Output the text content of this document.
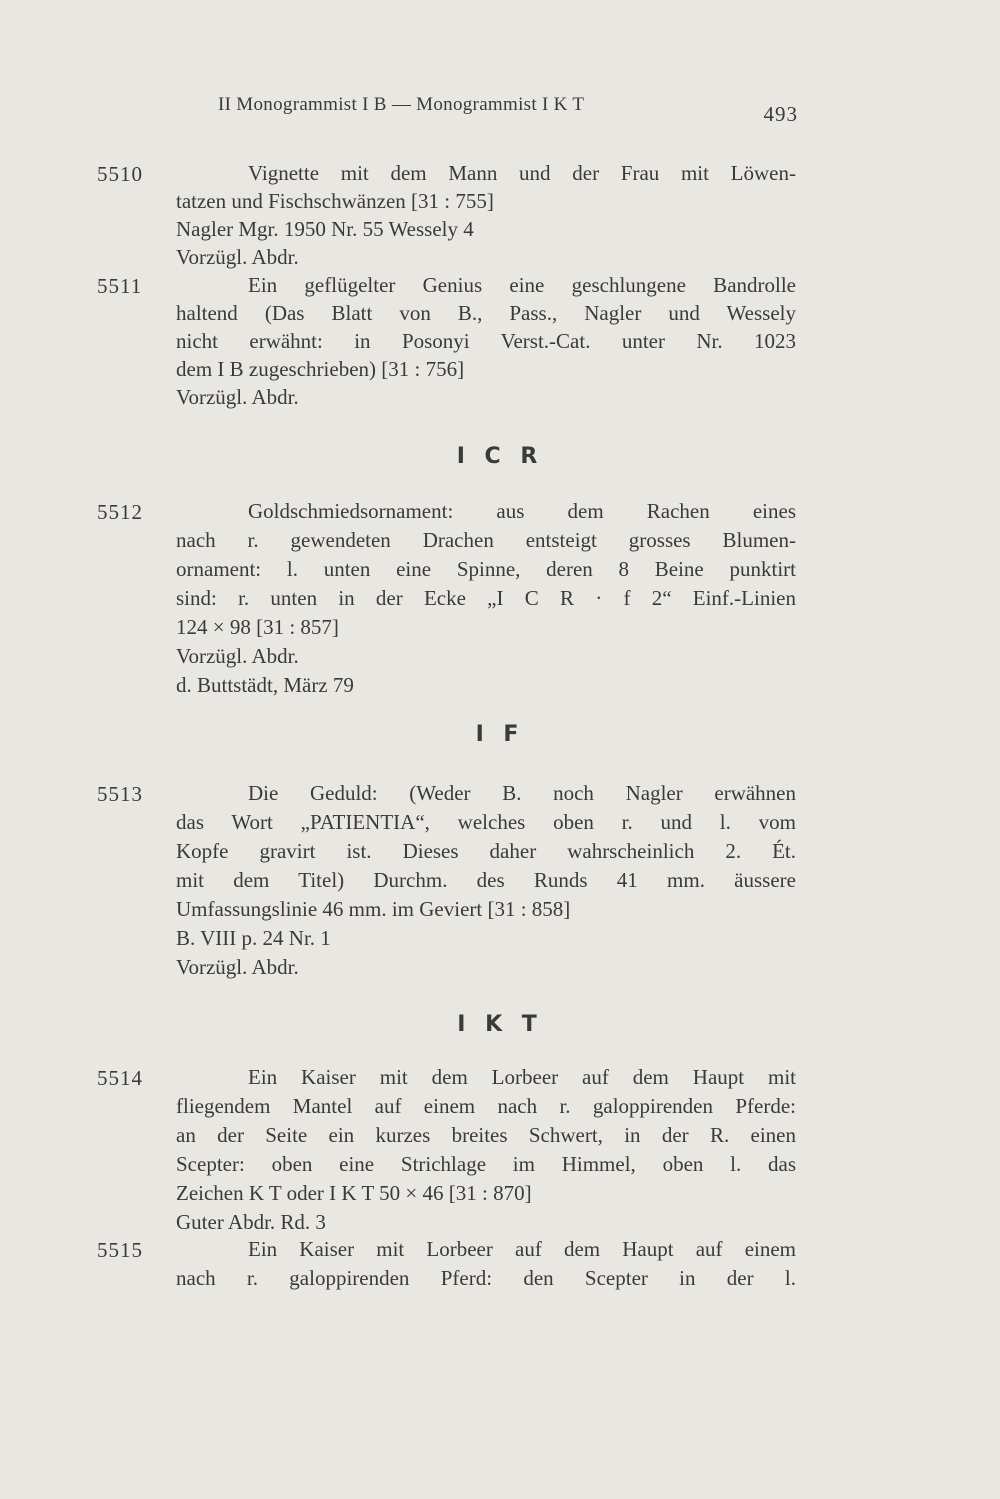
II Monogrammist I B — Monogrammist I K T	493
5510	Vignette mit dem Mann und der Frau mit Löwen-
tatzen und Fischschwänzen [31 : 755]
Nagler Mgr. 1950 Nr. 55 Wessely 4
Vorzügl. Abdr.
5511	Ein geflügelter Genius eine geschlungene Bandrolle
haltend (Das Blatt von B., Pass., Nagler und Wessely
nicht erwähnt: in Posonyi Verst.-Cat. unter Nr. 1023
dem I B zugeschrieben) [31 : 756]
Vorzügl. Abdr.
I C R
5512	Goldschmiedsornament: aus dem Rachen eines
nach r. gewendeten Drachen entsteigt grosses Blumen-
ornament: l. unten eine Spinne, deren 8 Beine punktirt
sind: r. unten in der Ecke „I C R · f 2“ Einf.-Linien
124 × 98 [31 : 857]
Vorzügl. Abdr.
d. Buttstädt, März 79
I F
5513	Die Geduld: (Weder B. noch Nagler erwähnen
das Wort „PATIENTIA“, welches oben r. und l. vom
Kopfe gravirt ist. Dieses daher wahrscheinlich 2. Ét.
mit dem Titel) Durchm. des Runds 41 mm. äussere
Umfassungslinie 46 mm. im Geviert [31 : 858]
B. VIII p. 24 Nr. 1
Vorzügl. Abdr.
I K T
5514	Ein Kaiser mit dem Lorbeer auf dem Haupt mit
fliegendem Mantel auf einem nach r. galoppirenden Pferde:
an der Seite ein kurzes breites Schwert, in der R. einen
Scepter: oben eine Strichlage im Himmel, oben l. das
Zeichen K T oder I K T 50 × 46 [31 : 870]
Guter Abdr. Rd. 3
5515	Ein Kaiser mit Lorbeer auf dem Haupt auf einem
nach r. galoppirenden Pferd: den Scepter in der l.
